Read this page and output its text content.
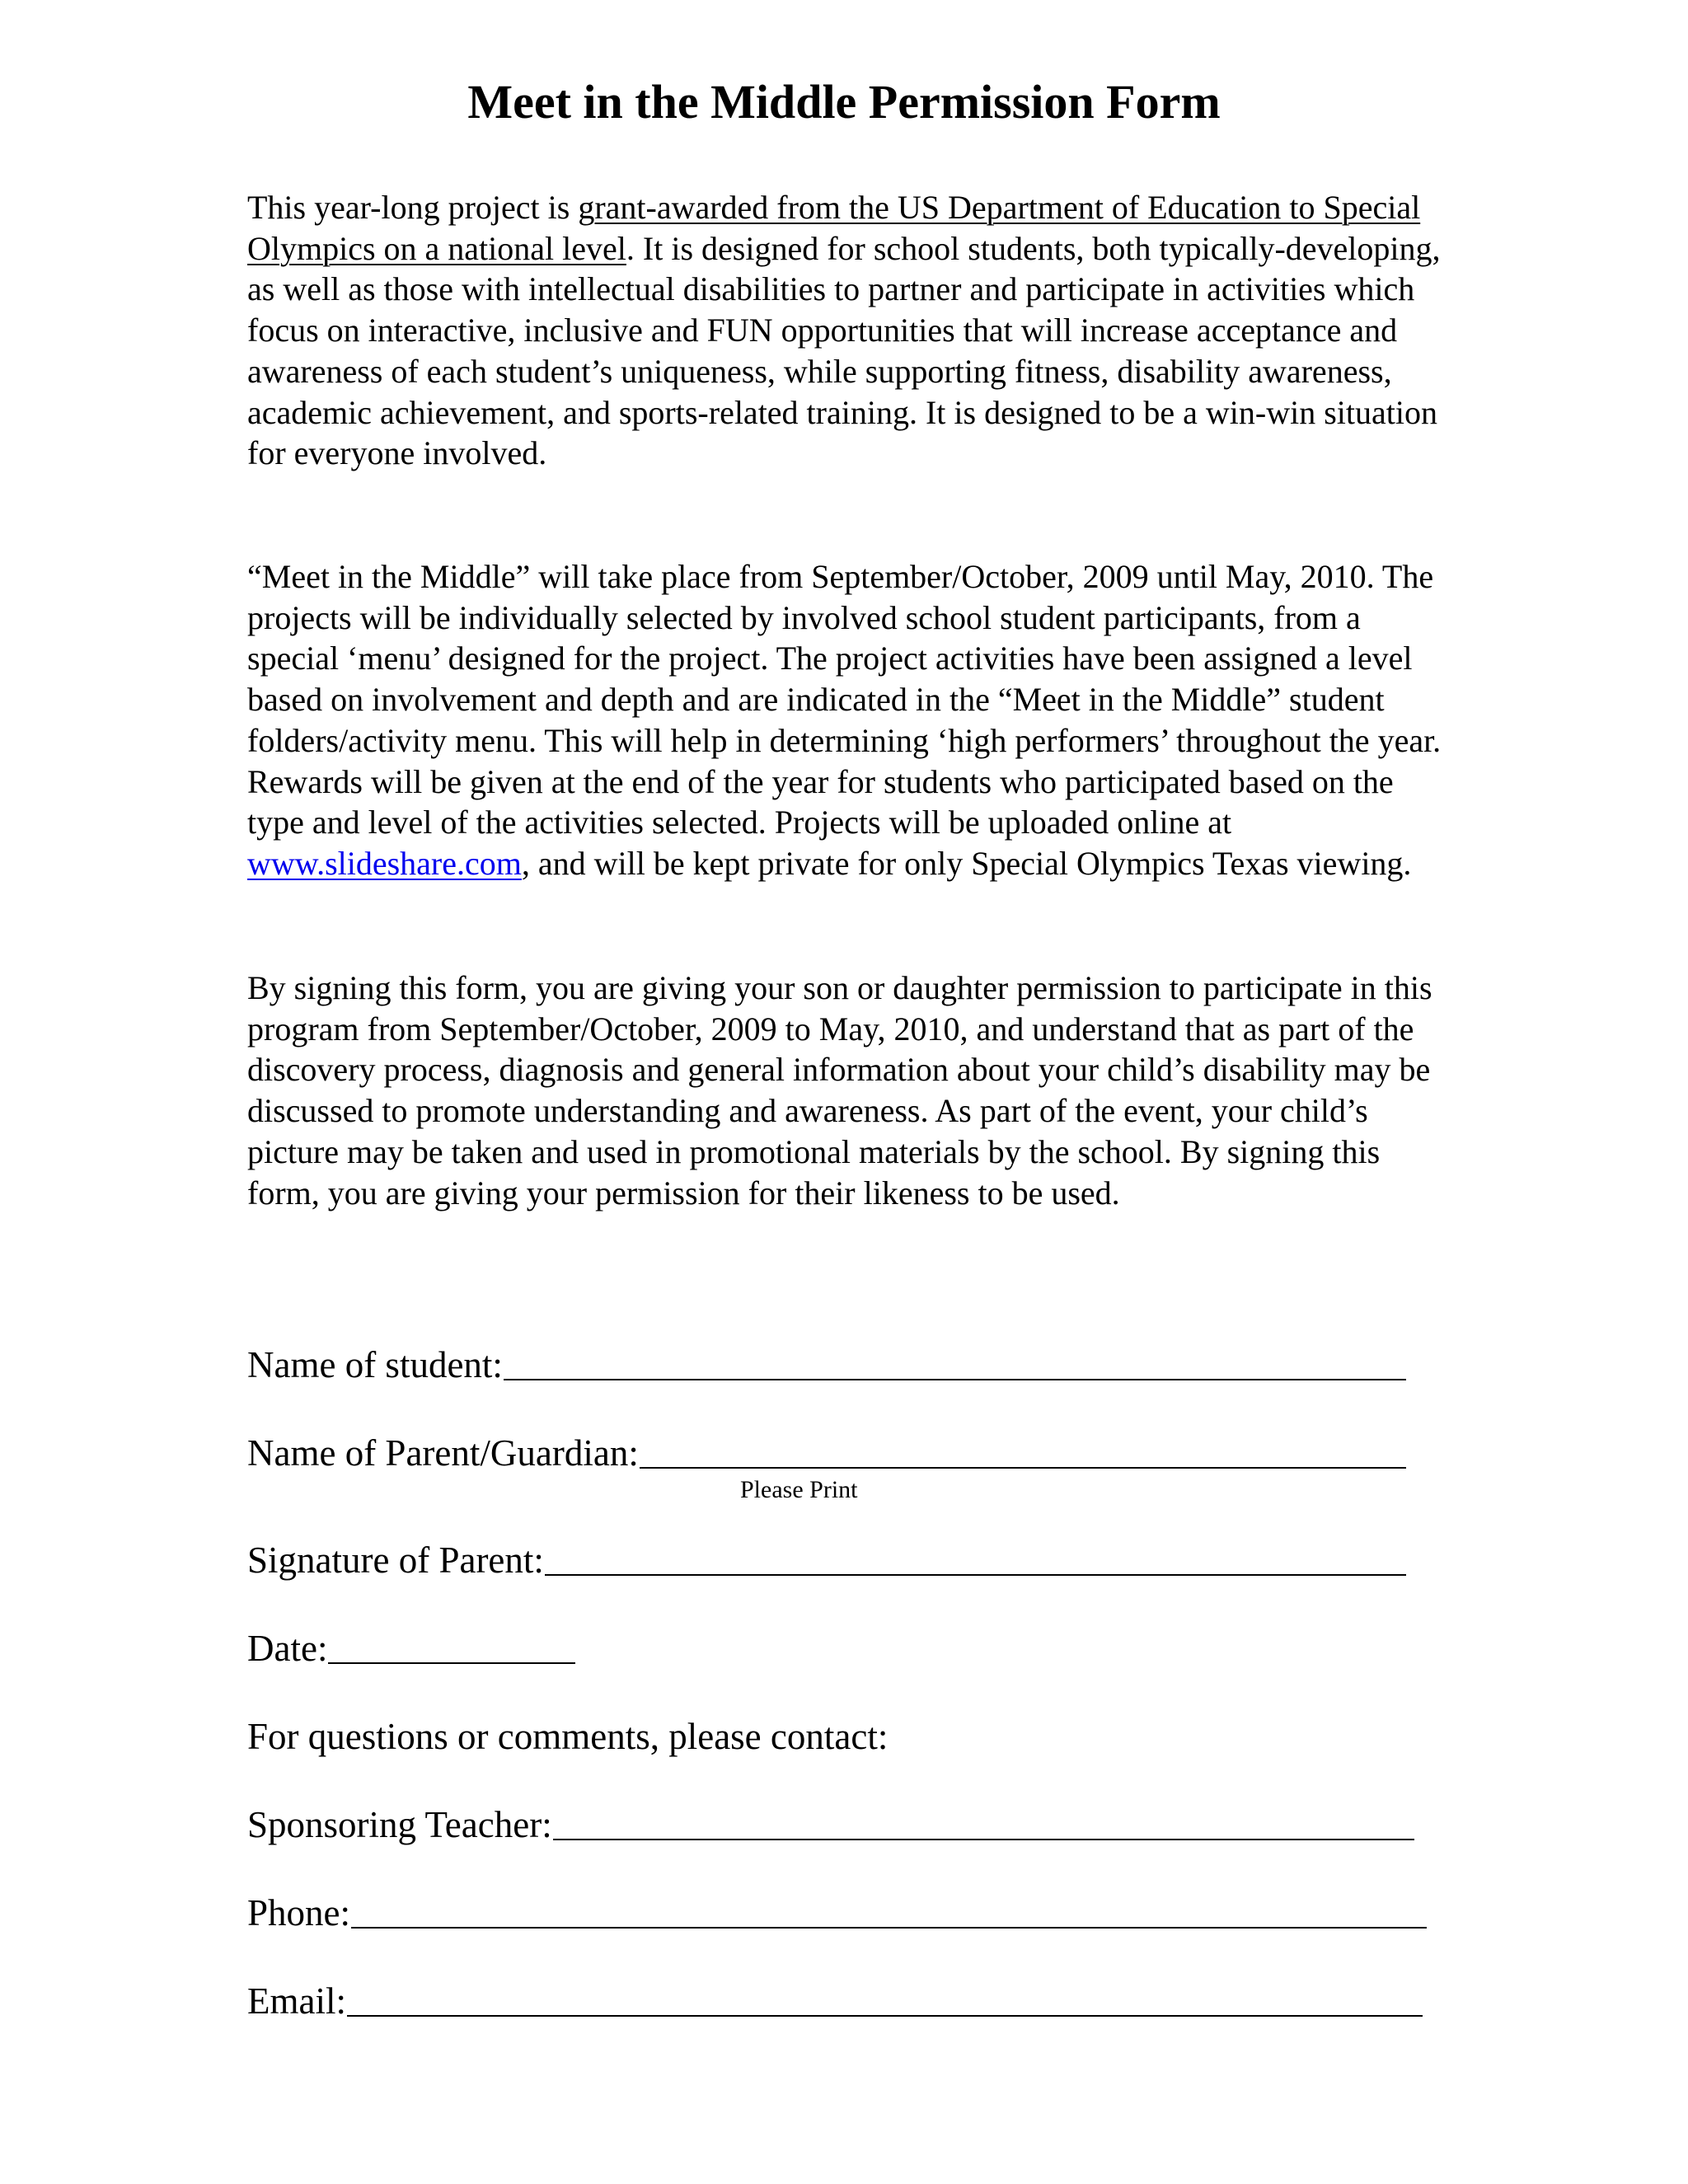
Meet in the Middle Permission Form

This year-long project is grant-awarded from the US Department of Education to Special Olympics on a national level. It is designed for school students, both typically-developing, as well as those with intellectual disabilities to partner and participate in activities which focus on interactive, inclusive and FUN opportunities that will increase acceptance and awareness of each student’s uniqueness, while supporting fitness, disability awareness, academic achievement, and sports-related training. It is designed to be a win-win situation for everyone involved.

“Meet in the Middle” will take place from September/October, 2009 until May, 2010. The projects will be individually selected by involved school student participants, from a special ‘menu’ designed for the project. The project activities have been assigned a level based on involvement and depth and are indicated in the “Meet in the Middle” student folders/activity menu. This will help in determining ‘high performers’ throughout the year. Rewards will be given at the end of the year for students who participated based on the type and level of the activities selected. Projects will be uploaded online at www.slideshare.com, and will be kept private for only Special Olympics Texas viewing.

By signing this form, you are giving your son or daughter permission to participate in this program from September/October, 2009 to May, 2010, and understand that as part of the discovery process, diagnosis and general information about your child’s disability may be discussed to promote understanding and awareness. As part of the event, your child’s picture may be taken and used in promotional materials by the school. By signing this form, you are giving your permission for their likeness to be used.

Name of student:
Name of Parent/Guardian:
Please Print
Signature of Parent:
Date:
For questions or comments, please contact:
Sponsoring Teacher:
Phone:
Email:
